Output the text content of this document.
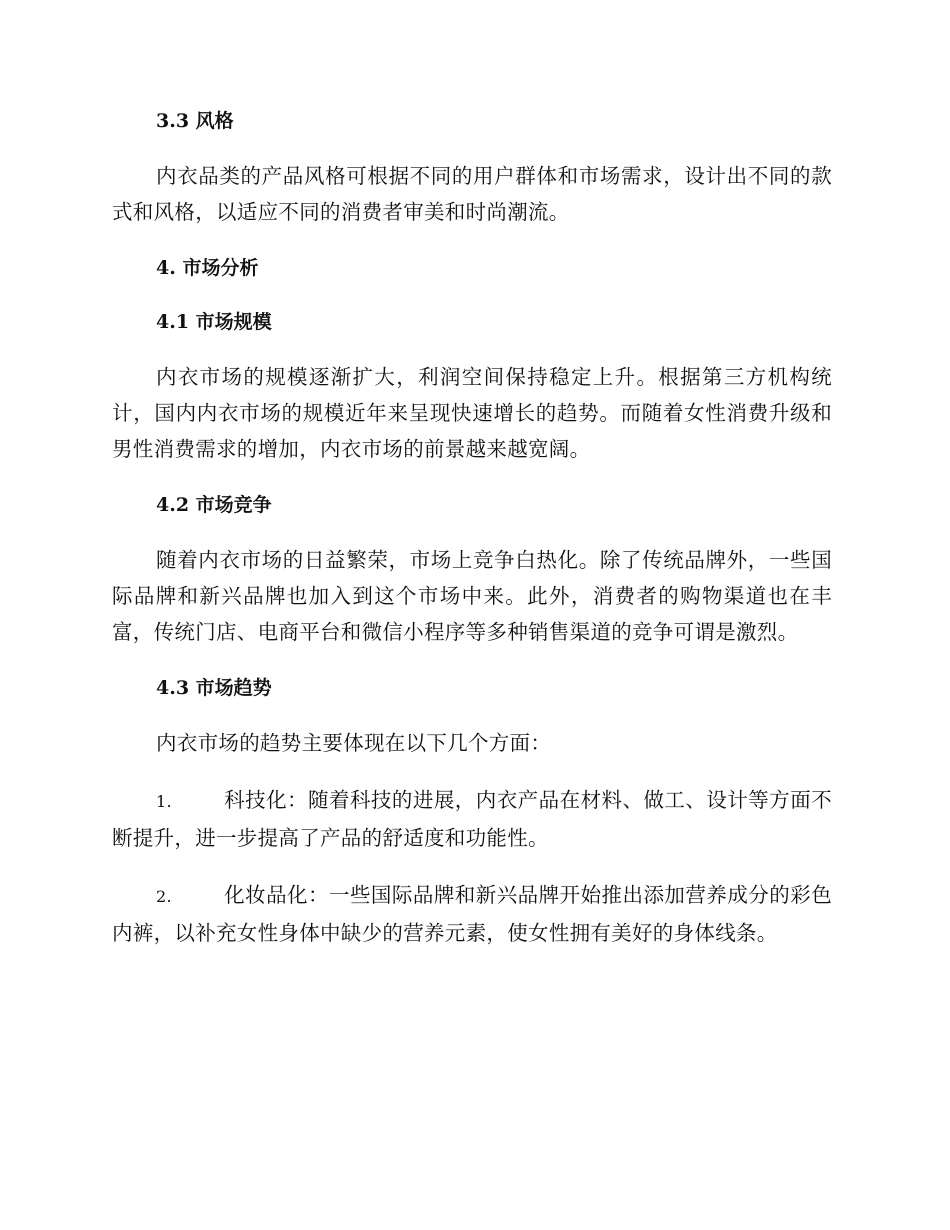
3.3 风格

内衣品类的产品风格可根据不同的用户群体和市场需求，设计出不同的款式和风格，以适应不同的消费者审美和时尚潮流。

4. 市场分析
4.1 市场规模

内衣市场的规模逐渐扩大，利润空间保持稳定上升。根据第三方机构统计，国内内衣市场的规模近年来呈现快速增长的趋势。而随着女性消费升级和男性消费需求的增加，内衣市场的前景越来越宽阔。

4.2 市场竞争

随着内衣市场的日益繁荣，市场上竞争白热化。除了传统品牌外，一些国际品牌和新兴品牌也加入到这个市场中来。此外，消费者的购物渠道也在丰富，传统门店、电商平台和微信小程序等多种销售渠道的竞争可谓是激烈。

4.3 市场趋势

内衣市场的趋势主要体现在以下几个方面：

1.	科技化：随着科技的进展，内衣产品在材料、做工、设计等方面不断提升，进一步提高了产品的舒适度和功能性。

2.	化妆品化：一些国际品牌和新兴品牌开始推出添加营养成分的彩色内裤，以补充女性身体中缺少的营养元素，使女性拥有美好的身体线条。
